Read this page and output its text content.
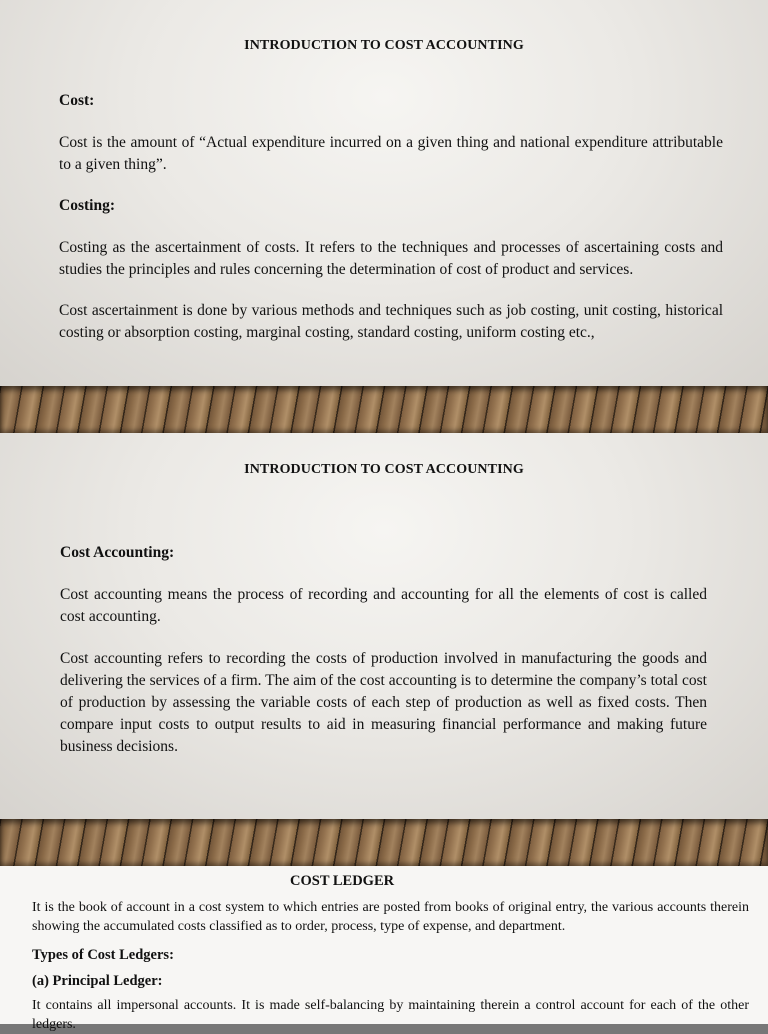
INTRODUCTION TO COST ACCOUNTING
Cost:

Cost is the amount of “Actual expenditure incurred on a given thing and national expenditure attributable to a given thing”.

Costing:

Costing as the ascertainment of costs. It refers to the techniques and processes of ascertaining costs and studies the principles and rules concerning the determination of cost of product and services.

Cost ascertainment is done by various methods and techniques such as job costing, unit costing, historical costing or absorption costing, marginal costing, standard costing, uniform costing etc.,

INTRODUCTION TO COST ACCOUNTING
Cost Accounting:

Cost accounting means the process of recording and accounting for all the elements of cost is called cost accounting.

Cost accounting refers to recording the costs of production involved in manufacturing the goods and delivering the services of a firm. The aim of the cost accounting is to determine the company’s total cost of production by assessing the variable costs of each step of production as well as fixed costs. Then compare input costs to output results to aid in measuring financial performance and making future business decisions.

COST LEDGER

It is the book of account in a cost system to which entries are posted from books of original entry, the various accounts therein showing the accumulated costs classified as to order, process, type of expense, and department.

Types of Cost Ledgers:
(a) Principal Ledger:

It contains all impersonal accounts. It is made self-balancing by maintaining therein a control account for each of the other ledgers.
